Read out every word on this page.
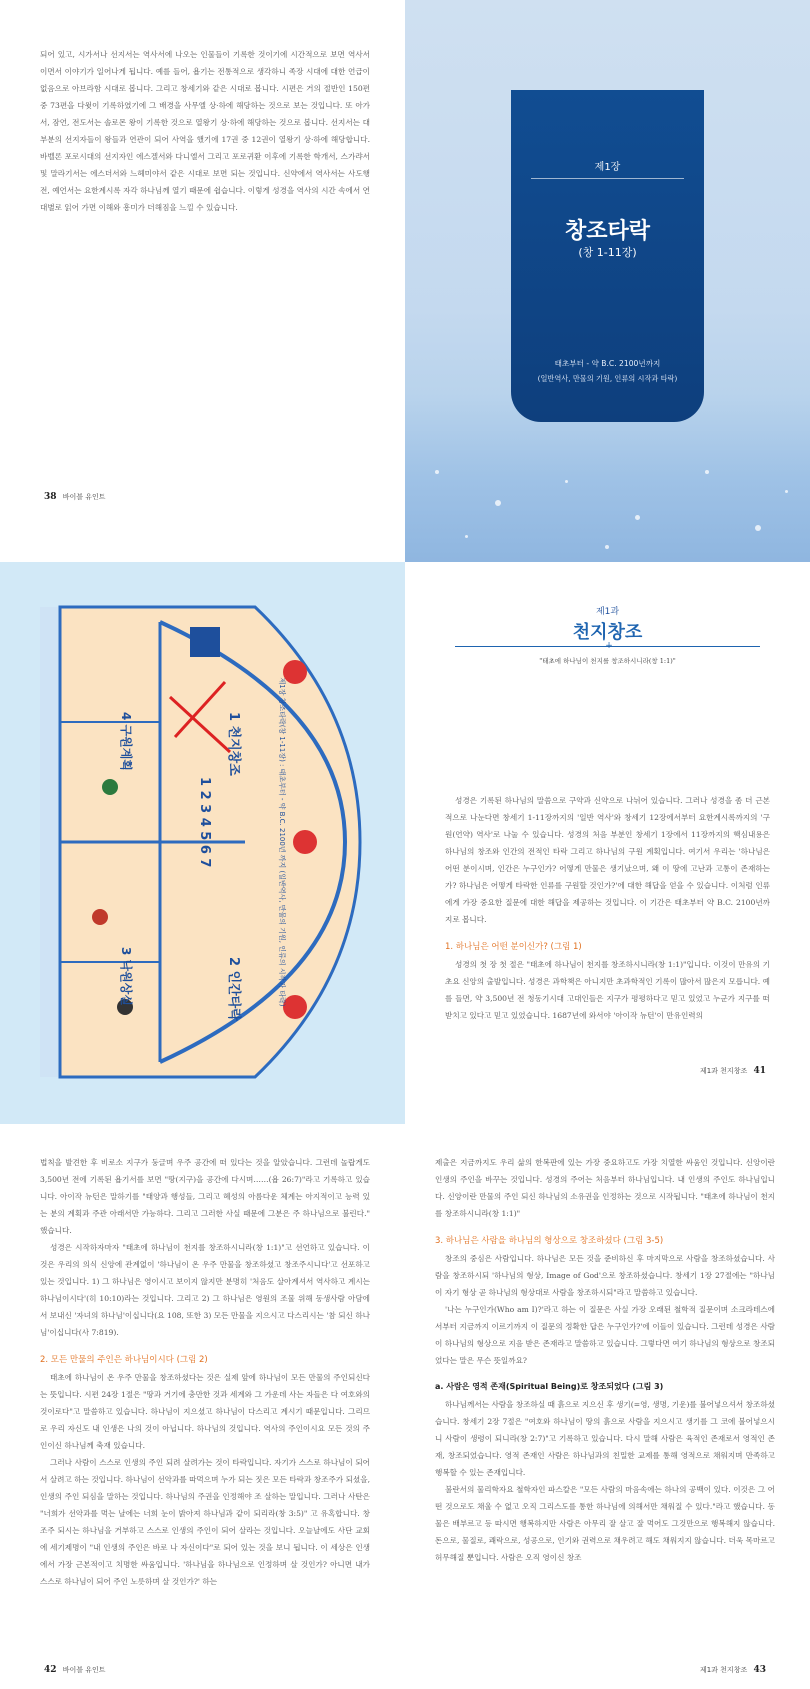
되어 있고, 시가서나 선지서는 역사서에 나오는 인물들이 기록한 것이기에 시간적으로 보면 역사서 이면서 이야기가 일어나게 됩니다. 예를 들어, 욥기는 전통적으로 생각하니 족장 시대에 대한 언급이 없음으로 아브라함 시대로 봅니다. 그리고 창세기와 같은 시대로 봅니다. 시편은 거의 절반인 150편 중 73편을 다윗이 기록하였기에 그 배경을 사무엘 상·하에 해당하는 것으로 보는 것입니다. 또 아가서, 잠언, 전도서는 솔로몬 왕이 기록한 것으로 열왕기 상·하에 해당하는 것으로 봅니다. 선지서는 대부분의 선지자들이 왕들과 연관이 되어 사역을 했기에 17권 중 12권이 열왕기 상·하에 해당합니다. 바벨론 포로시대의 선지자인 에스겔서와 다니엘서 그리고 포로귀환 이후에 기록한 학개서, 스가랴서 및 말라기서는 에스더서와 느헤미야서 같은 시대로 보면 되는 것입니다. 신약에서 역사서는 사도행전, 예언서는 요한계시록 자각 하나님께 열기 때문에 쉽습니다. 이렇게 성경을 역사의 시간 속에서 연대별로 읽어 가면 이해와 흥미가 더해짐을 느낄 수 있습니다.
38 바이블 유인트
제1장
창조타락
(창 1-11장)
태초부터 - 약 B.C. 2100년까지
(일반역사, 만물의 기원, 인류의 시작과 타락)
제1장 창조타락(창 1-11장) : 태초부터 - 약 B.C. 2100년 까지 (일반역사, 만물의 기원, 인류의 시작과 타락)
1 천지창조
2 인간타락
3 낙원상실
4 구원계획
1 2 3 4 5 6 7
제1과
천지창조
+
"태초에 하나님이 천지를 창조하시니라(창 1:1)"
성경은 기록된 하나님의 말씀으로 구약과 신약으로 나뉘어 있습니다. 그러나 성경을 좀 더 근본적으로 나눈다면 창세기 1-11장까지의 '일반 역사'와 창세기 12장에서부터 요한계시록까지의 '구원(언약) 역사'로 나눌 수 있습니다. 성경의 처음 부분인 창세기 1장에서 11장까지의 핵심내용은 하나님의 창조와 인간의 전적인 타락 그리고 하나님의 구원 계획입니다. 여기서 우리는 '하나님은 어떤 분이시며, 인간은 누구인가? 어떻게 만물은 생기났으며, 왜 이 땅에 고난과 고통이 존재하는가? 하나님은 어떻게 타락한 인류를 구원할 것인가?'에 대한 해답을 얻을 수 있습니다. 이처럼 인류에게 가장 중요한 질문에 대한 해답을 제공하는 것입니다. 이 기간은 태초부터 약 B.C. 2100년까지로 봅니다.
1. 하나님은 어떤 분이신가? (그림 1)
성경의 첫 장 첫 절은 "태초에 하나님이 천지를 창조하시니라(창 1:1)"입니다. 이것이 만유의 기초요 신앙의 출발입니다. 성경은 과학책은 아니지만 초과학적인 기록이 많아서 많은지 모릅니다. 예를 들면, 약 3,500년 전 청동기시대 고대인들은 지구가 평평하다고 믿고 있었고 누군가 지구를 떠받치고 있다고 믿고 있었습니다. 1687년에 와서야 '아이작 뉴턴'이 만유인력의
제1과 천지창조 41
법칙을 발견한 후 비로소 지구가 둥글며 우주 공간에 떠 있다는 것을 알았습니다. 그런데 놀랍게도 3,500년 전에 기록된 욥기서를 보면 "땅(지구)을 공간에 다시며……(욥 26:7)"라고 기록하고 있습니다. 아이작 뉴턴은 말하기를 "태양과 행성들, 그리고 혜성의 아름다운 체계는 아지적이고 능력 있는 분의 계획과 주관 아래서만 가능하다. 그리고 그러한 사실 때문에 그분은 주 하나님으로 불린다." 했습니다.
성경은 시작하자마자 "태초에 하나님이 천지를 창조하시니라(창 1:1)"고 선언하고 있습니다. 이것은 우리의 의식 신앙에 관계없이 '하나님이 온 우주 만물을 창조하셨고 창조주시니다'고 선포하고 있는 것입니다. 1) 그 하나님은 영이시고 보이지 않지만 분명히 '처음도 살아계셔서 역사하고 계시는 하나님이시다'(히 10:10)라는 것입니다. 그리고 2) 그 하나님은 영원의 조물 위해 동생사람 아담에서 보내신 '자녀의 하나님'이십니다(요 108, 또한 3) 모든 만물을 지으시고 다스리시는 '참 되신 하나님'이십니다(사 7:819).
2. 모든 만물의 주인은 하나님이시다 (그림 2)
태초에 하나님이 온 우주 만물을 창조하셨다는 것은 실제 앞에 하나님이 모든 만물의 주인되신다는 뜻입니다. 시편 24장 1절은 "땅과 거기에 충만한 것과 세계와 그 가운데 사는 자들은 다 여호와의 것이로다"고 말씀하고 있습니다. 하나님이 지으셨고 하나님이 다스리고 계시기 때문입니다. 그리므로 우리 자신도 내 인생은 나의 것이 아닙니다. 하나님의 것입니다. 역사의 주인이시요 모든 것의 주인이신 하나님께 축재 있습니다.
그러나 사람이 스스로 인생의 주인 되려 살려가는 것이 타락입니다. 자기가 스스로 하나님이 되어서 살려고 하는 것입니다. 하나님이 선악과를 따먹으며 누가 되는 짓은 모든 타락과 창조주가 되셨을, 인생의 주인 되심을 말하는 것입니다. 하나님의 주권을 인정해야 조 살하는 말입니다. 그러나 사탄은 "너희가 선악과를 먹는 날에는 너희 눈이 밝아져 하나님과 같이 되리라(창 3:5)" 고 유혹합니다. 창조주 되시는 하나님을 거부하고 스스로 인생의 주인이 되어 살라는 것입니다. 오늘날에도 사단 교회에 세기제명이 "내 인생의 주인은 바로 나 자신이다"로 되어 있는 것을 보니 됩니다. 이 세상은 인생에서 가장 근본적이고 치명한 싸움입니다. '하나님을 하나님으로 인정하며 살 것인가? 아니면 내가 스스로 하나님이 되어 주인 노릇하며 살 것인가?' 하는
42 바이블 유인트
제출은 지금까지도 우리 삶의 한복판에 있는 가장 중요하고도 가장 치열한 싸움인 것입니다. 신앙이란 인생의 주인을 바꾸는 것입니다. 성경의 주어는 처음부터 하나님입니다. 내 인생의 주인도 하나님입니다. 신앙이란 만물의 주인 되신 하나님의 소유권을 인정하는 것으로 시작됩니다. "태초에 하나님이 천지를 창조하시니라(창 1:1)"
3. 하나님은 사람을 하나님의 형상으로 창조하셨다 (그림 3-5)
창조의 중심은 사람입니다. 하나님은 모든 것을 준비하신 후 마지막으로 사람을 창조하셨습니다. 사람을 창조하시되 '하나님의 형상, Image of God'으로 창조하셨습니다. 창세기 1장 27절에는 "하나님이 자기 형상 곧 하나님의 형상대로 사람을 창조하시되"라고 말씀하고 있습니다.
'나는 누구인가(Who am I)?'라고 하는 이 질문은 사실 가장 오래된 철학적 질문이며 소크라테스에서부터 지금까지 이르기까지 이 질문의 정확한 답은 누구인가?'에 이들이 있습니다. 그런데 성경은 사람이 하나님의 형상으로 지음 받은 존재라고 말씀하고 있습니다. 그렇다면 여기 하나님의 형상으로 창조되었다는 말은 무슨 뜻일까요?
a. 사람은 영적 존재(Spiritual Being)로 창조되었다 (그림 3)
하나님께서는 사람을 창조하실 때 흙으로 지으신 후 생기(=영, 생명, 기운)를 불어넣으셔서 창조하셨습니다. 창세기 2장 7절은 "여호와 하나님이 땅의 흙으로 사람을 지으시고 생기를 그 코에 불어넣으시니 사람이 생령이 되니라(창 2:7)"고 기록하고 있습니다. 다시 말해 사람은 육적인 존재로서 영적인 존재, 창조되었습니다. 영적 존재인 사람은 하나님과의 친밀한 교제를 통해 영적으로 채워지며 만족하고 행복할 수 있는 존재입니다.
불란서의 물리학자요 철학자인 파스칼은 "모든 사람의 마음속에는 하나의 공백이 있다. 이것은 그 어떤 것으로도 채울 수 없고 오직 그리스도를 통한 하나님에 의해서만 채워질 수 있다."라고 했습니다. 동물은 배부르고 등 따시면 행복하지만 사람은 아무리 잘 살고 잘 먹어도 그것만으로 행복해지 않습니다. 돈으로, 물질로, 쾌락으로, 성공으로, 인기와 권력으로 채우려고 해도 채워지지 않습니다. 더욱 목마르고 허무해질 뿐입니다. 사람은 오직 영이신 창조
제1과 천지창조 43
